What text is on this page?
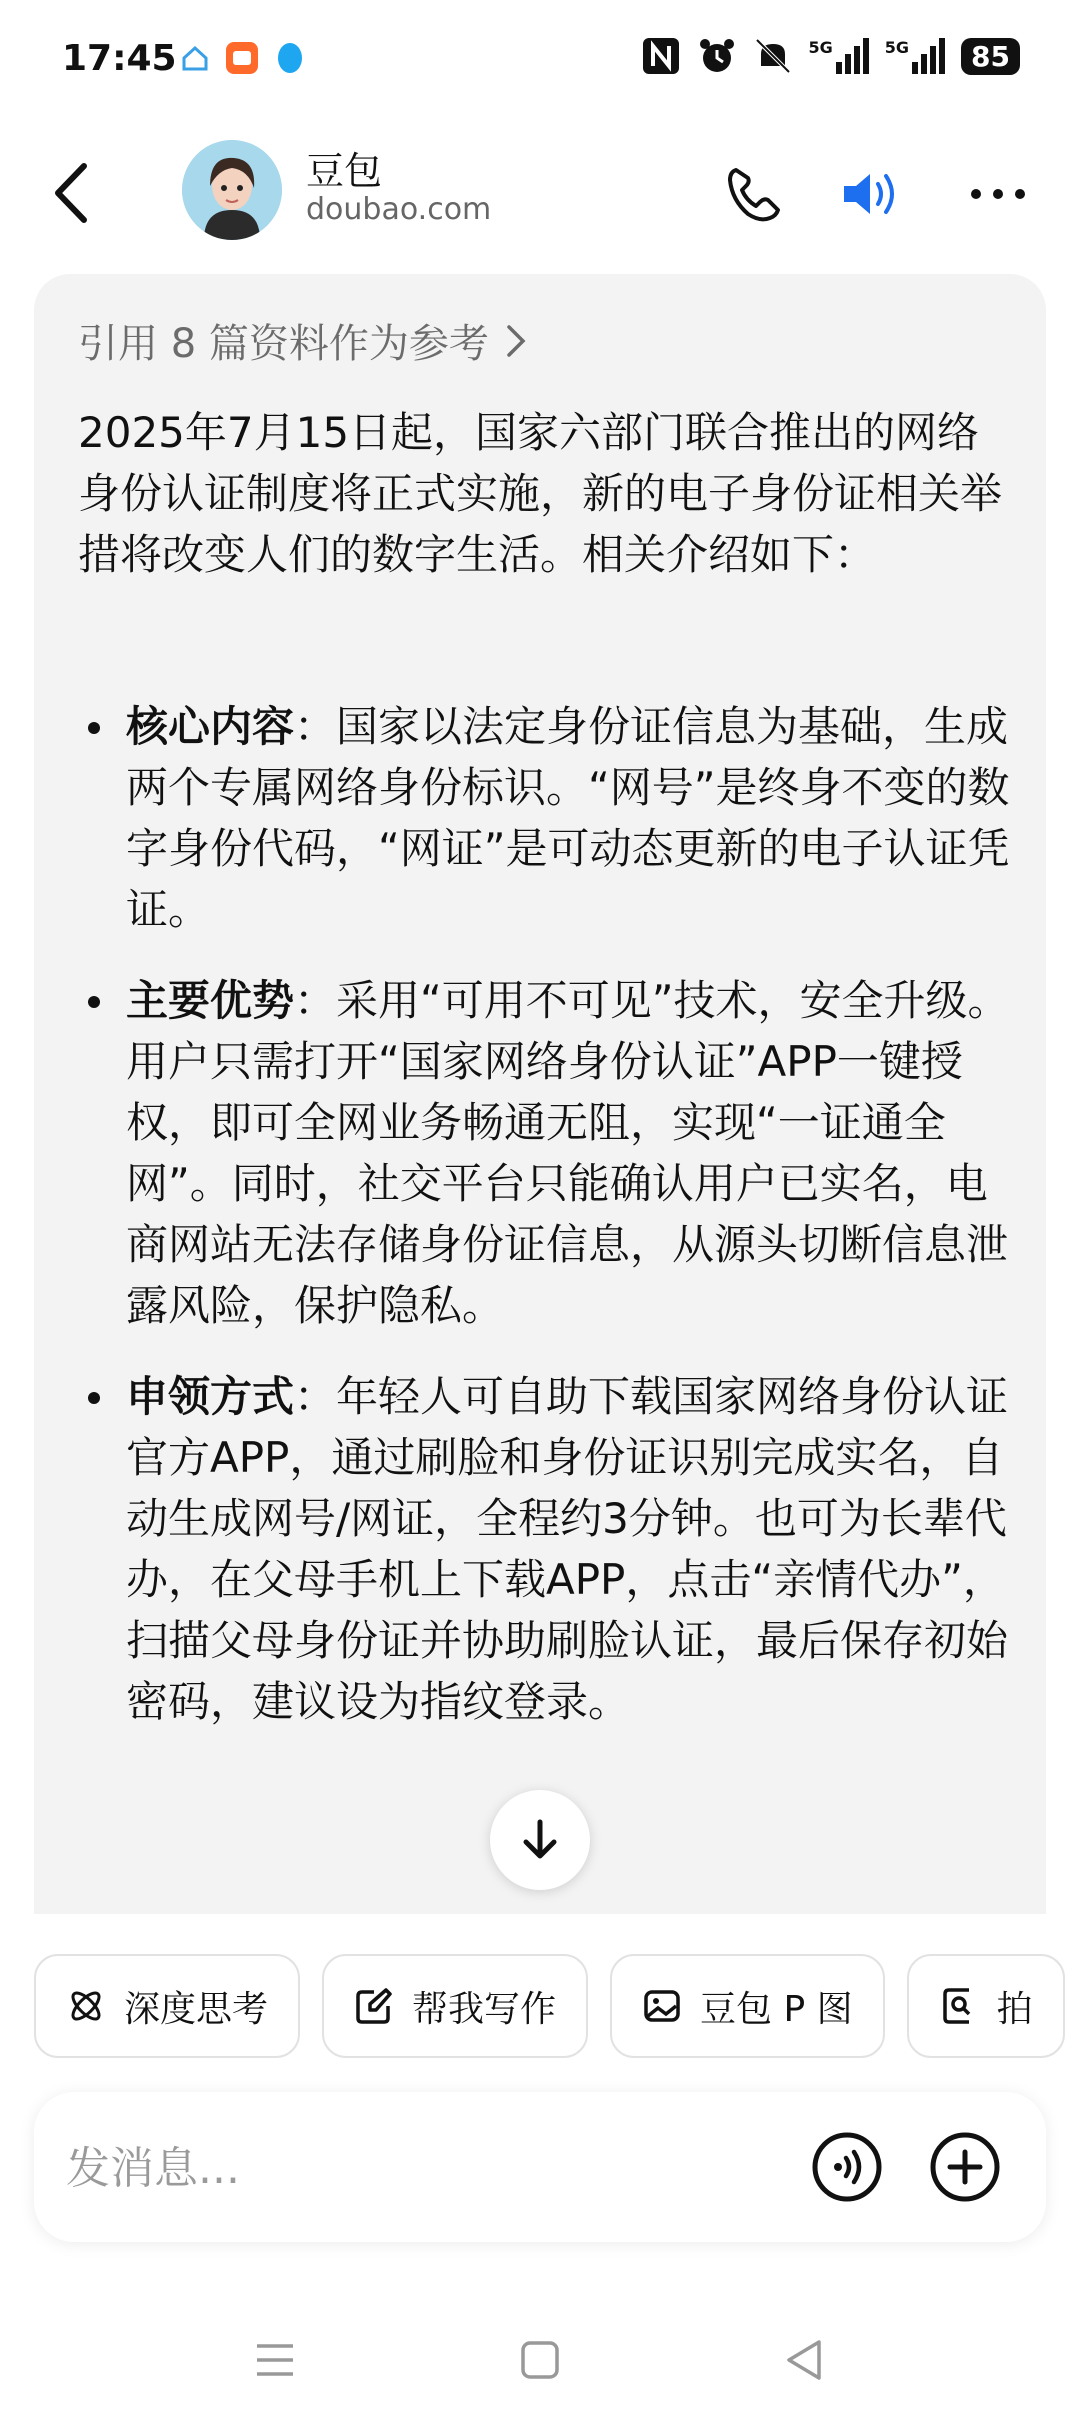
17:45	5G	5G	85
豆包
doubao.com
引用 8 篇资料作为参考
2025年7月15日起，国家六部门联合推出的网络身份认证制度将正式实施，新的电子身份证相关举措将改变人们的数字生活。相关介绍如下：
核心内容：国家以法定身份证信息为基础，生成两个专属网络身份标识。“网号”是终身不变的数字身份代码，“网证”是可动态更新的电子认证凭证。
主要优势：采用“可用不可见”技术，安全升级。用户只需打开“国家网络身份认证”APP一键授权，即可全网业务畅通无阻，实现“一证通全网”。同时，社交平台只能确认用户已实名，电商网站无法存储身份证信息，从源头切断信息泄露风险，保护隐私。
申领方式：年轻人可自助下载国家网络身份认证官方APP，通过刷脸和身份证识别完成实名，自动生成网号/网证，全程约3分钟。也可为长辈代办，在父母手机上下载APP，点击“亲情代办”，扫描父母身份证并协助刷脸认证，最后保存初始密码，建议设为指纹登录。
深度思考	帮我写作	豆包 P 图	拍
发消息...
